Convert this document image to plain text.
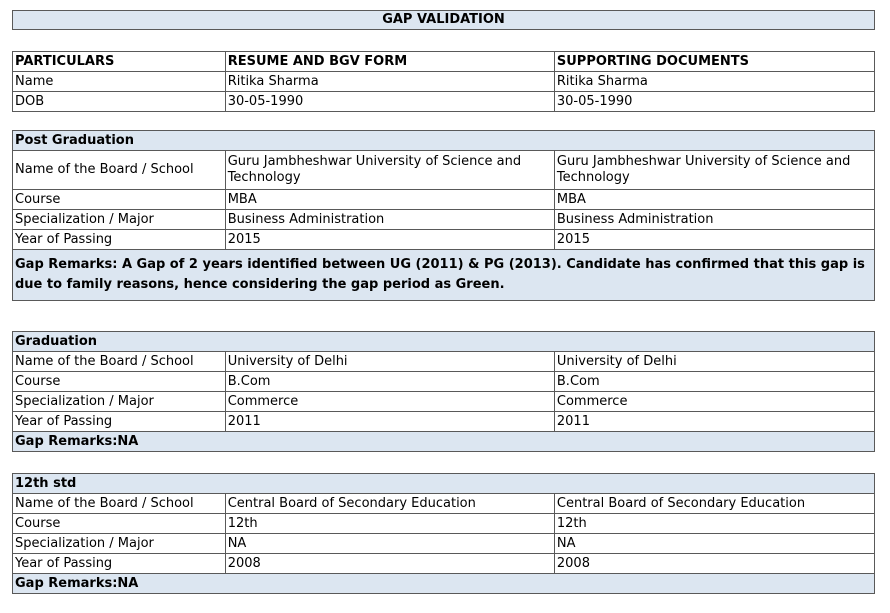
GAP VALIDATION
PARTICULARS	RESUME AND BGV FORM	SUPPORTING DOCUMENTS
Name	Ritika Sharma	Ritika Sharma
DOB	30-05-1990	30-05-1990
Post Graduation		
Name of the Board / School	Guru Jambheshwar University of Science and Technology	Guru Jambheshwar University of Science and Technology
Course	MBA	MBA
Specialization / Major	Business Administration	Business Administration
Year of Passing	2015	2015
Gap Remarks: A Gap of 2 years identified between UG (2011) & PG (2013). Candidate has confirmed that this gap is due to family reasons, hence considering the gap period as Green.		
Graduation		
Name of the Board / School	University of Delhi	University of Delhi
Course	B.Com	B.Com
Specialization / Major	Commerce	Commerce
Year of Passing	2011	2011
Gap Remarks:NA		
12th std		
Name of the Board / School	Central Board of Secondary Education	Central Board of Secondary Education
Course	12th	12th
Specialization / Major	NA	NA
Year of Passing	2008	2008
Gap Remarks:NA		
